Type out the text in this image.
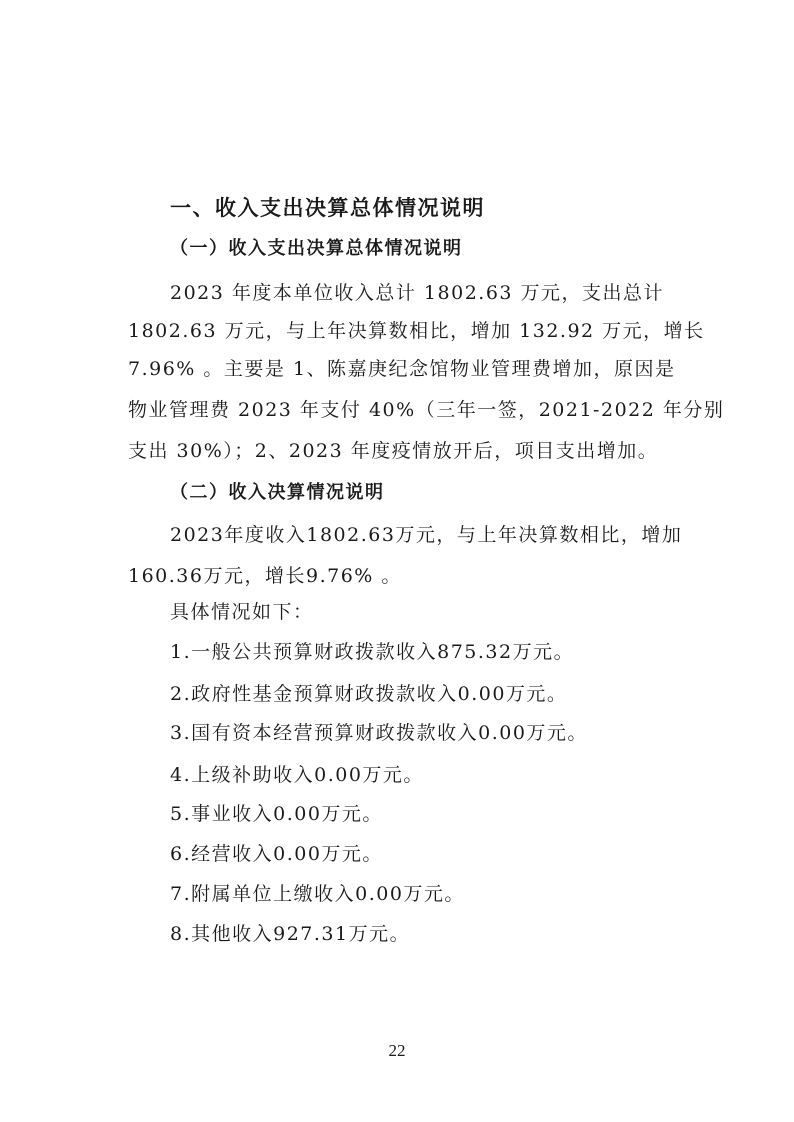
一、收入支出决算总体情况说明
（一）收入支出决算总体情况说明
2023 年度本单位收入总计 1802.63 万元，支出总计
1802.63 万元，与上年决算数相比，增加 132.92 万元，增长
7.96% 。主要是 1、陈嘉庚纪念馆物业管理费增加，原因是
物业管理费 2023 年支付 40%（三年一签，2021-2022 年分别
支出 30%）；2、2023 年度疫情放开后，项目支出增加。
（二）收入决算情况说明
2023年度收入1802.63万元，与上年决算数相比，增加
160.36万元，增长9.76% 。
具体情况如下：
1.一般公共预算财政拨款收入875.32万元。
2.政府性基金预算财政拨款收入0.00万元。
3.国有资本经营预算财政拨款收入0.00万元。
4.上级补助收入0.00万元。
5.事业收入0.00万元。
6.经营收入0.00万元。
7.附属单位上缴收入0.00万元。
8.其他收入927.31万元。
22
